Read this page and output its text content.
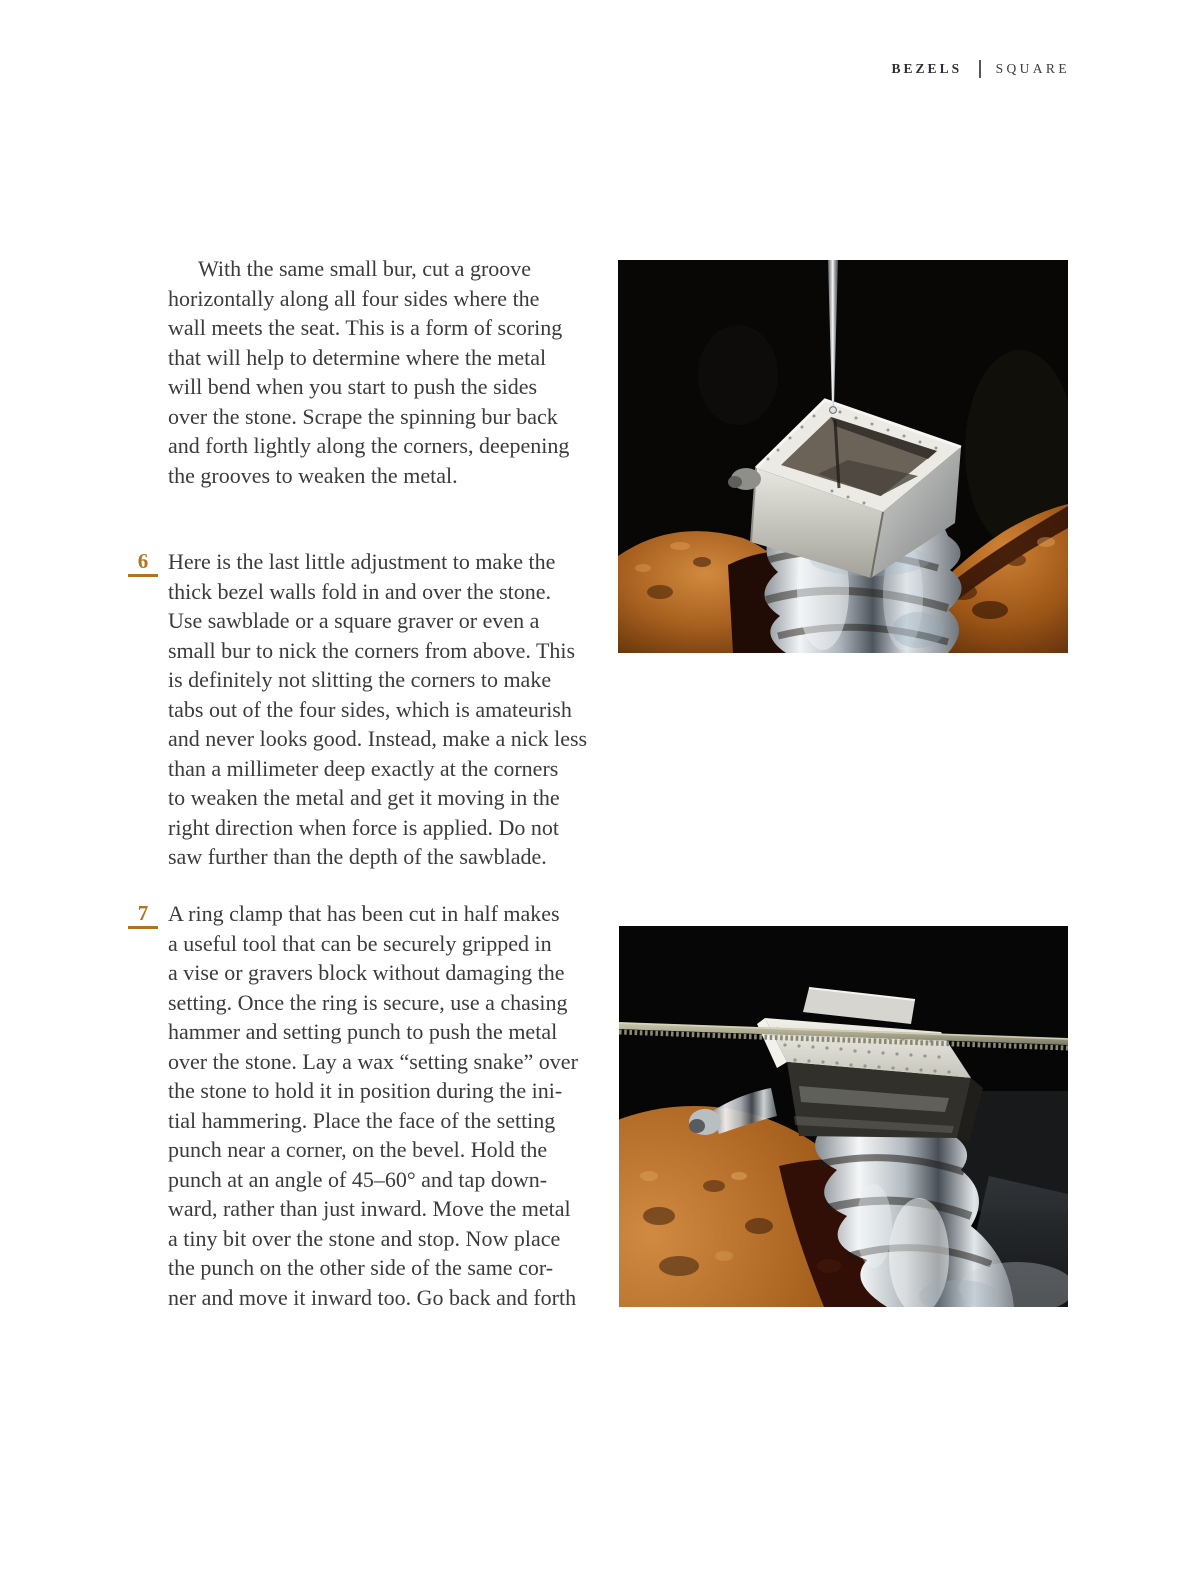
BEZELS SQUARE
With the same small bur, cut a groove
horizontally along all four sides where the
wall meets the seat. This is a form of scoring
that will help to determine where the metal
will bend when you start to push the sides
over the stone. Scrape the spinning bur back
and forth lightly along the corners, deepening
the grooves to weaken the metal.
6 Here is the last little adjustment to make the
thick bezel walls fold in and over the stone.
Use sawblade or a square graver or even a
small bur to nick the corners from above. This
is definitely not slitting the corners to make
tabs out of the four sides, which is amateurish
and never looks good. Instead, make a nick less
than a millimeter deep exactly at the corners
to weaken the metal and get it moving in the
right direction when force is applied. Do not
saw further than the depth of the sawblade.
7 A ring clamp that has been cut in half makes
a useful tool that can be securely gripped in
a vise or gravers block without damaging the
setting. Once the ring is secure, use a chasing
hammer and setting punch to push the metal
over the stone. Lay a wax “setting snake” over
the stone to hold it in position during the ini-
tial hammering. Place the face of the setting
punch near a corner, on the bevel. Hold the
punch at an angle of 45–60° and tap down-
ward, rather than just inward. Move the metal
a tiny bit over the stone and stop. Now place
the punch on the other side of the same cor-
ner and move it inward too. Go back and forth
